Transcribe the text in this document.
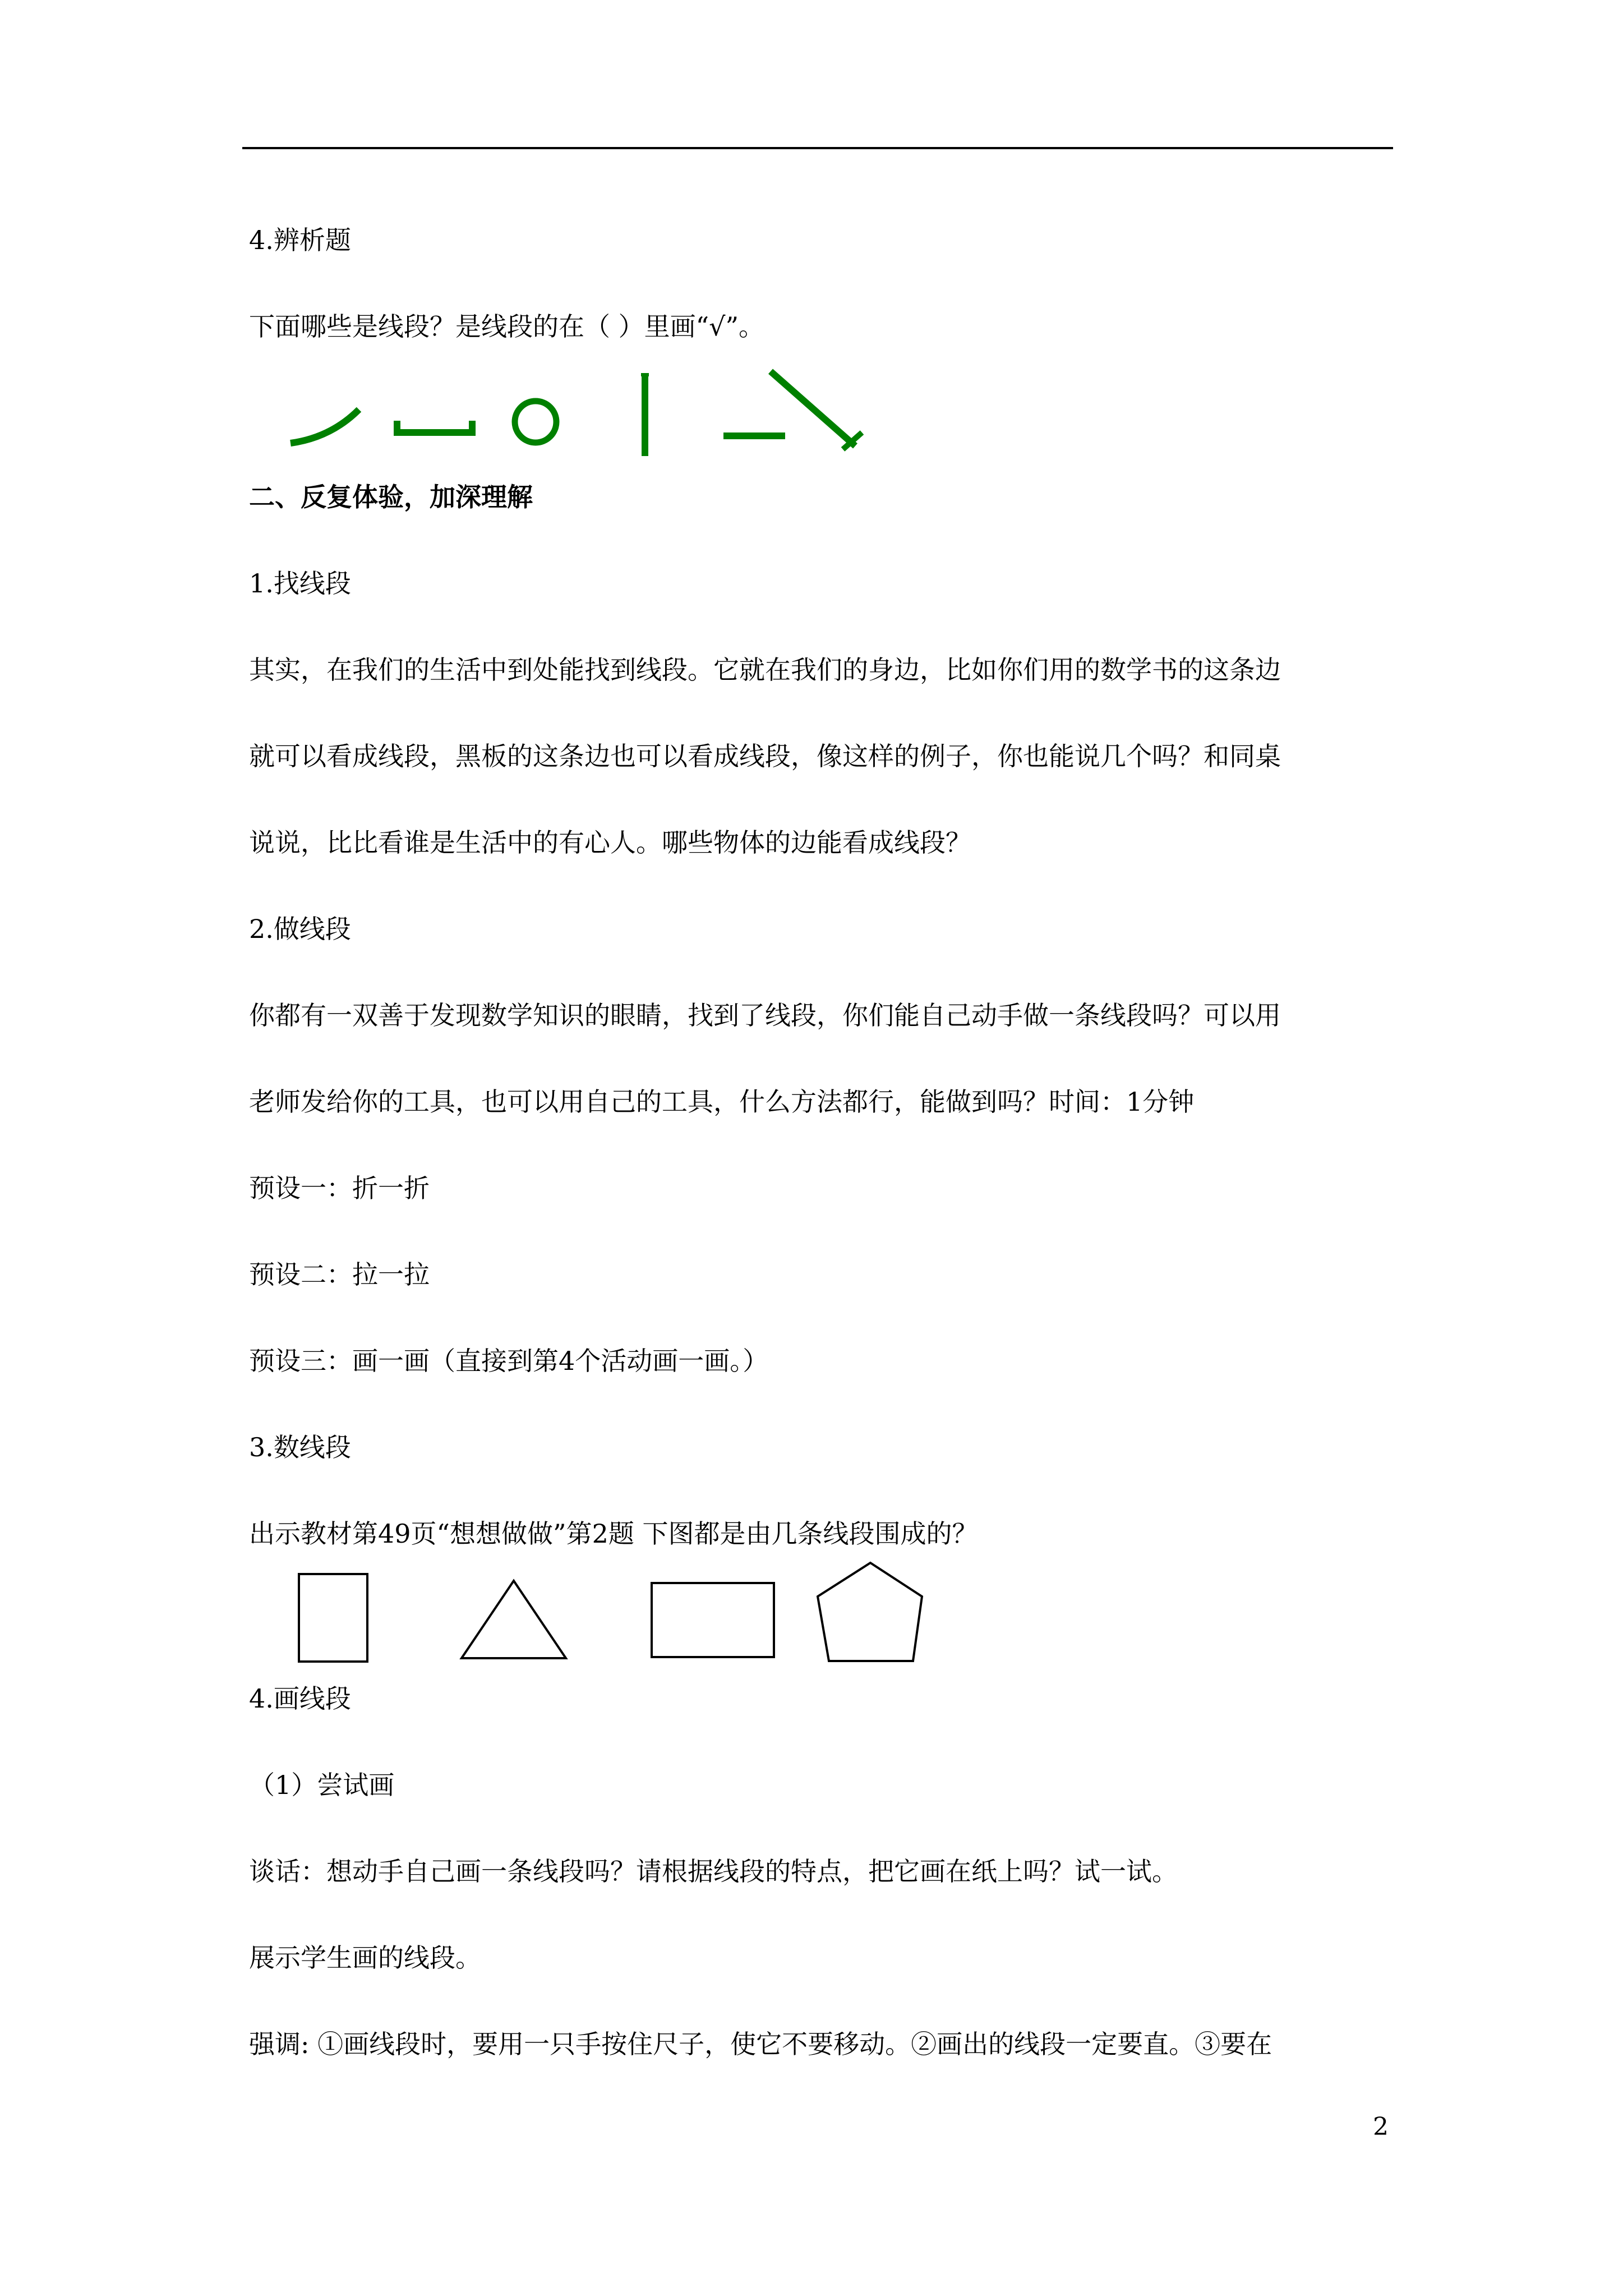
4.辨析题
下面哪些是线段？是线段的在（ ）里画“√”。
二、反复体验，加深理解
1.找线段
其实，在我们的生活中到处能找到线段。它就在我们的身边，比如你们用的数学书的这条边
就可以看成线段，黑板的这条边也可以看成线段，像这样的例子，你也能说几个吗？和同桌
说说，比比看谁是生活中的有心人。哪些物体的边能看成线段？
2.做线段
你都有一双善于发现数学知识的眼睛，找到了线段，你们能自己动手做一条线段吗？可以用
老师发给你的工具，也可以用自己的工具，什么方法都行，能做到吗？时间：1分钟
预设一：折一折
预设二：拉一拉
预设三：画一画（直接到第4个活动画一画。）
3.数线段
出示教材第49页“想想做做”第2题 下图都是由几条线段围成的？
4.画线段
（1）尝试画
谈话：想动手自己画一条线段吗？请根据线段的特点，把它画在纸上吗？试一试。
展示学生画的线段。
强调: ①画线段时，要用一只手按住尺子，使它不要移动。②画出的线段一定要直。③要在
2
